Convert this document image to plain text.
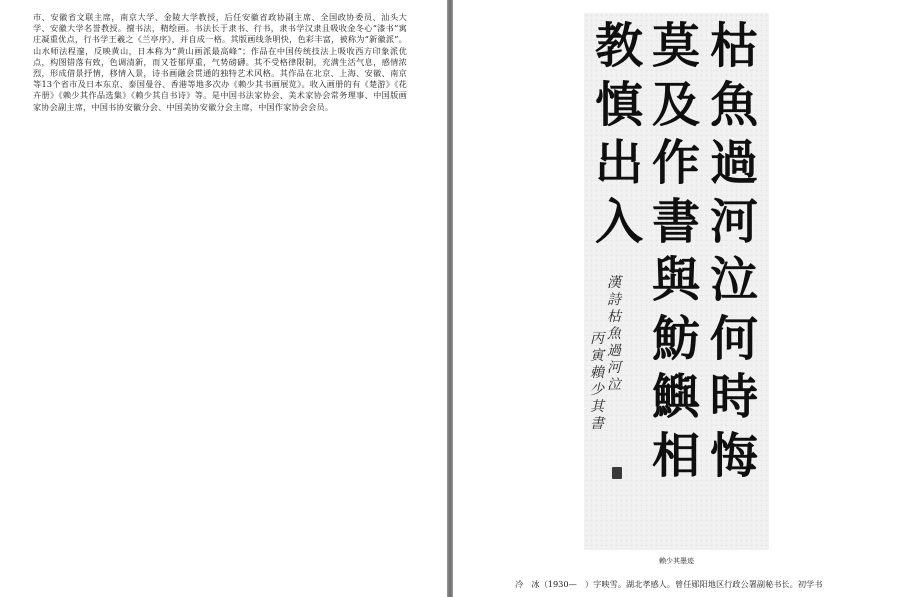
市、安徽省文联主席，南京大学、金陵大学教授，后任安徽省政协副主席、全国政协委员、汕头大学、安徽大学名誉教授。擅书法，精绘画。书法长于隶书、行书，隶书学汉隶且吸收金冬心“漆书”寓庄凝重优点，行书学王羲之《兰亭序》，并自成一格。其版画线条明快，色彩丰富，被称为“新徽派”。山水师法程邃，反映黄山，日本称为“黄山画派最高峰”；作品在中国传统技法上吸收西方印象派优点，构图错落有致，色调清新，而又苍郁厚重，气势磅礴。其不受格律限制，充满生活气息，感情浓烈，形成借景抒情，移情入景，诗书画融会贯通的独特艺术风格。其作品在北京、上海、安徽、南京等13个省市及日本东京、泰国曼谷、香港等地多次办《赖少其书画展览》。收入画册的有《楚游》《花卉册》《赖少其作品选集》《赖少其自书诗》等。是中国书法家协会、美术家协会常务理事、中国版画家协会副主席，中国书协安徽分会、中国美协安徽分会主席，中国作家协会会员。

枯
魚
過
河
泣
何
時
悔
莫
及
作
書
與
魴
鱮
相
教
慎
出
入
漢
詩
枯
魚
過
河
泣
丙
寅
賴
少
其
書

赖少其墨迹

冷　冰（1930—　）字映雪。湖北孝感人。曾任郧阳地区行政公署副秘书长。初学书
